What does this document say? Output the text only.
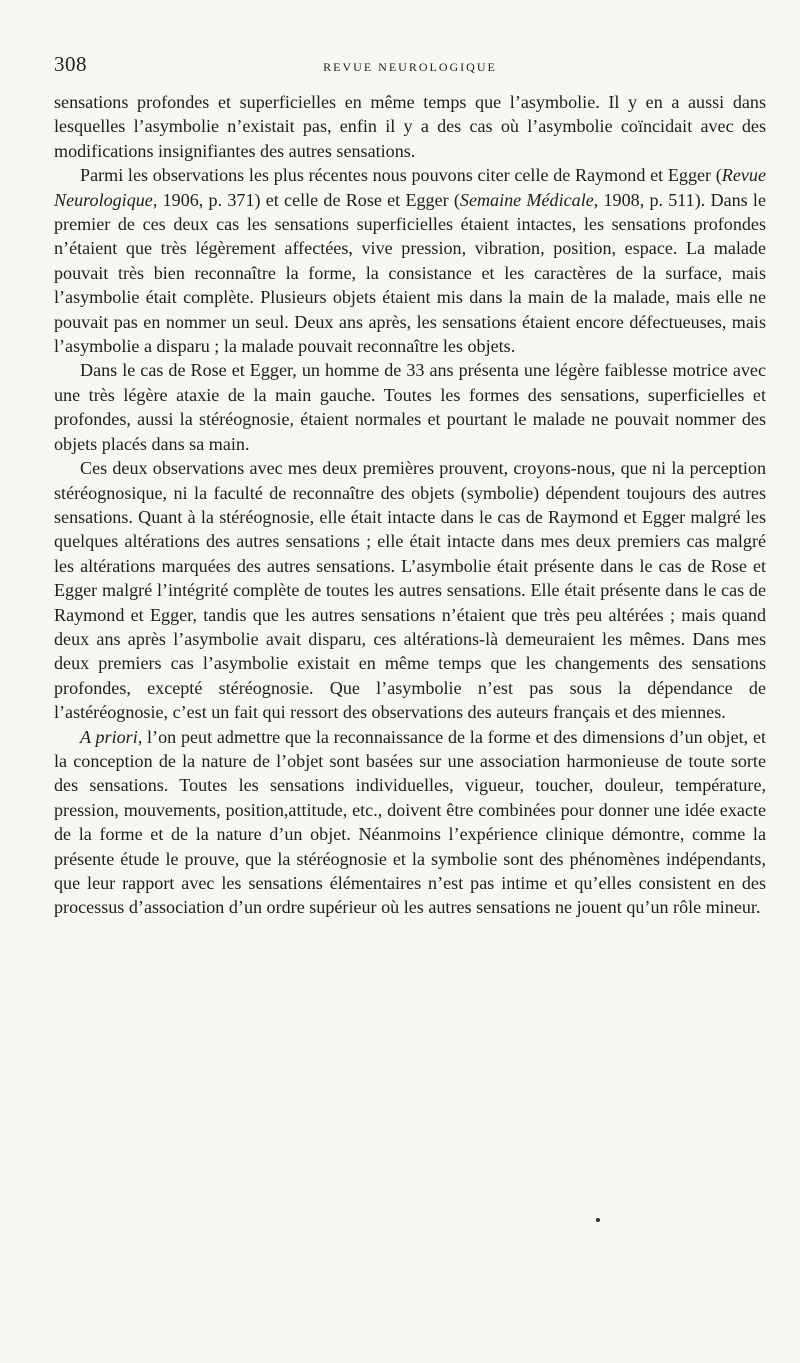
308	REVUE NEUROLOGIQUE

sensations profondes et superficielles en même temps que l’asymbolie. Il y en a aussi dans lesquelles l’asymbolie n’existait pas, enfin il y a des cas où l’asymbolie coïncidait avec des modifications insignifiantes des autres sensations.

Parmi les observations les plus récentes nous pouvons citer celle de Raymond et Egger (Revue Neurologique, 1906, p. 371) et celle de Rose et Egger (Semaine Médicale, 1908, p. 511). Dans le premier de ces deux cas les sensations superficielles étaient intactes, les sensations profondes n’étaient que très légèrement affectées, vive pression, vibration, position, espace. La malade pouvait très bien reconnaître la forme, la consistance et les caractères de la surface, mais l’asymbolie était complète. Plusieurs objets étaient mis dans la main de la malade, mais elle ne pouvait pas en nommer un seul. Deux ans après, les sensations étaient encore défectueuses, mais l’asymbolie a disparu ; la malade pouvait reconnaître les objets.

Dans le cas de Rose et Egger, un homme de 33 ans présenta une légère faiblesse motrice avec une très légère ataxie de la main gauche. Toutes les formes des sensations, superficielles et profondes, aussi la stéréognosie, étaient normales et pourtant le malade ne pouvait nommer des objets placés dans sa main.

Ces deux observations avec mes deux premières prouvent, croyons-nous, que ni la perception stéréognosique, ni la faculté de reconnaître des objets (symbolie) dépendent toujours des autres sensations. Quant à la stéréognosie, elle était intacte dans le cas de Raymond et Egger malgré les quelques altérations des autres sensations ; elle était intacte dans mes deux premiers cas malgré les altérations marquées des autres sensations. L’asymbolie était présente dans le cas de Rose et Egger malgré l’intégrité complète de toutes les autres sensations. Elle était présente dans le cas de Raymond et Egger, tandis que les autres sensations n’étaient que très peu altérées ; mais quand deux ans après l’asymbolie avait disparu, ces altérations-là demeuraient les mêmes. Dans mes deux premiers cas l’asymbolie existait en même temps que les changements des sensations profondes, excepté stéréognosie. Que l’asymbolie n’est pas sous la dépendance de l’astéréognosie, c’est un fait qui ressort des observations des auteurs français et des miennes.

A priori, l’on peut admettre que la reconnaissance de la forme et des dimensions d’un objet, et la conception de la nature de l’objet sont basées sur une association harmonieuse de toute sorte des sensations. Toutes les sensations individuelles, vigueur, toucher, douleur, température, pression, mouvements, position,attitude, etc., doivent être combinées pour donner une idée exacte de la forme et de la nature d’un objet. Néanmoins l’expérience clinique démontre, comme la présente étude le prouve, que la stéréognosie et la symbolie sont des phénomènes indépendants, que leur rapport avec les sensations élémentaires n’est pas intime et qu’elles consistent en des processus d’association d’un ordre supérieur où les autres sensations ne jouent qu’un rôle mineur.
